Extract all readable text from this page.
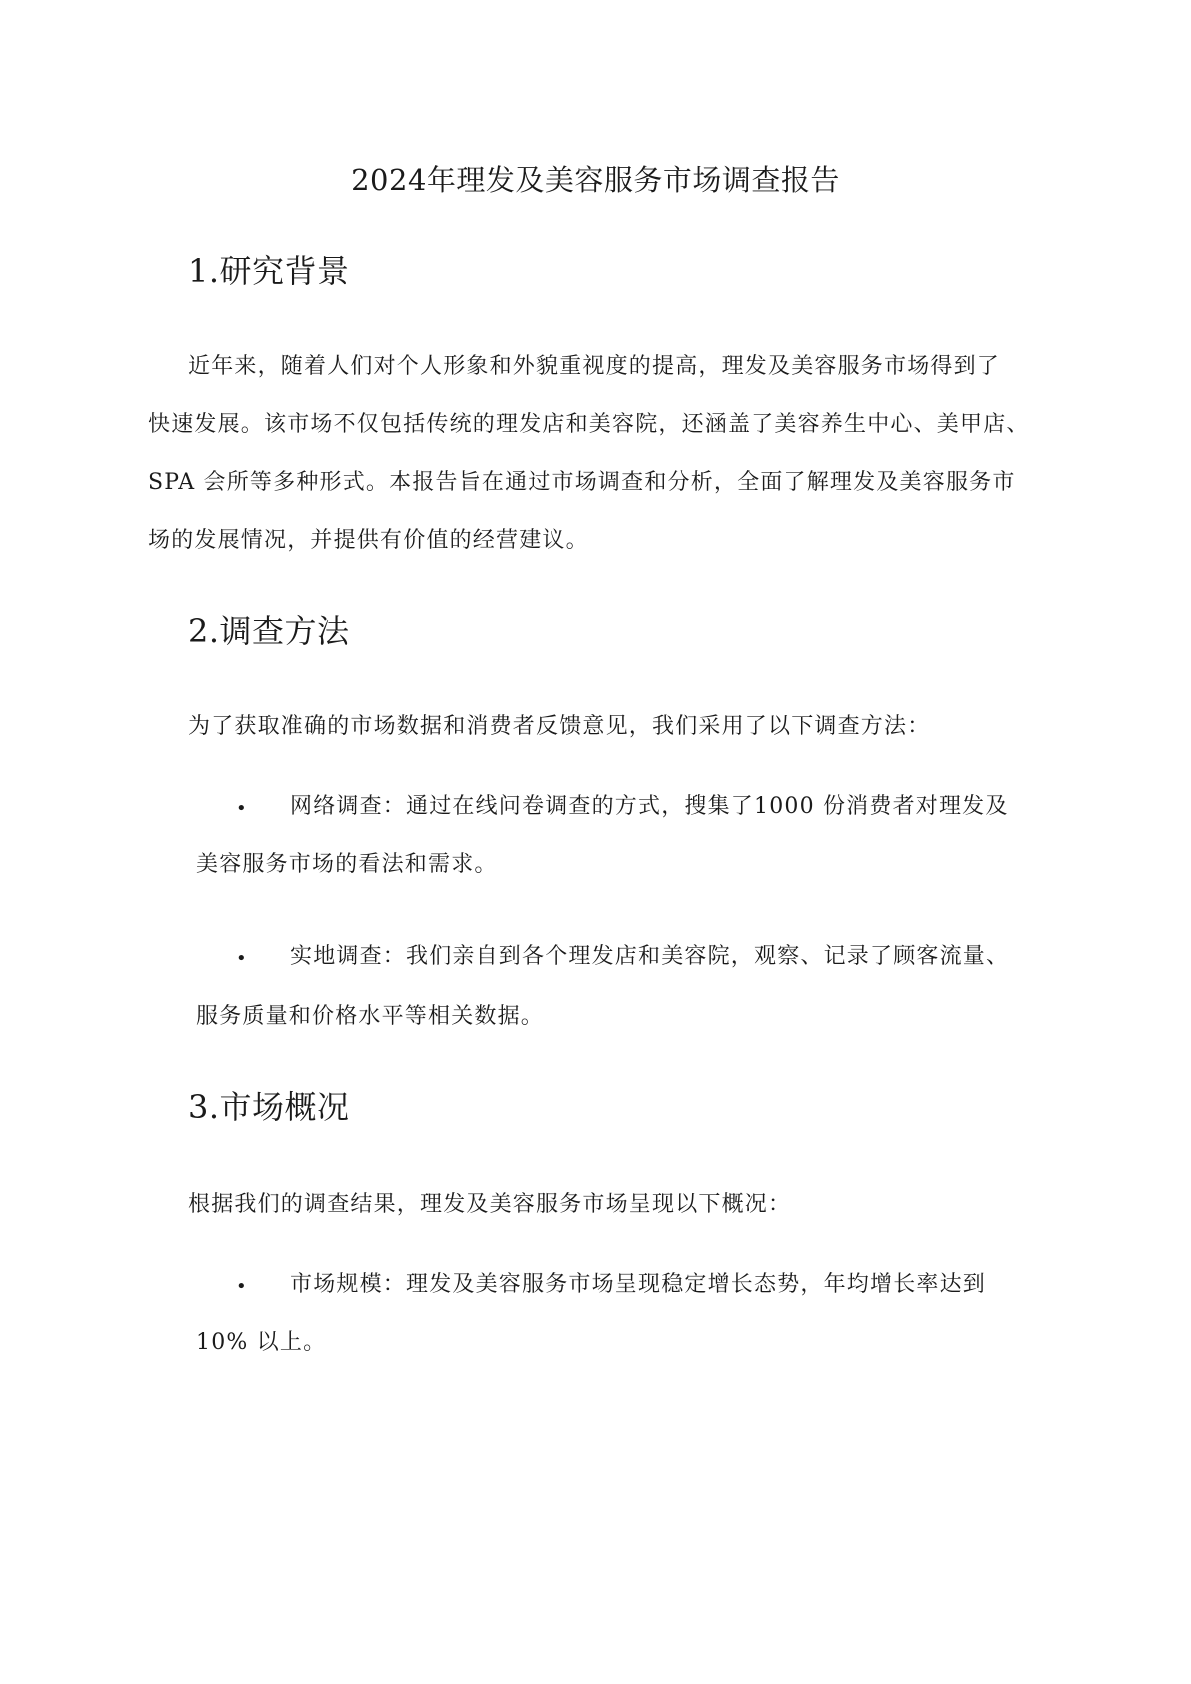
2024年理发及美容服务市场调查报告
1.研究背景
近年来，随着人们对个人形象和外貌重视度的提高，理发及美容服务市场得到了
快速发展。该市场不仅包括传统的理发店和美容院，还涵盖了美容养生中心、美甲店、
SPA 会所等多种形式。本报告旨在通过市场调查和分析，全面了解理发及美容服务市
场的发展情况，并提供有价值的经营建议。
2.调查方法
为了获取准确的市场数据和消费者反馈意见，我们采用了以下调查方法：
• 网络调查：通过在线问卷调查的方式，搜集了1000 份消费者对理发及
美容服务市场的看法和需求。
• 实地调查：我们亲自到各个理发店和美容院，观察、记录了顾客流量、
服务质量和价格水平等相关数据。
3.市场概况
根据我们的调查结果，理发及美容服务市场呈现以下概况：
• 市场规模：理发及美容服务市场呈现稳定增长态势，年均增长率达到
10% 以上。
